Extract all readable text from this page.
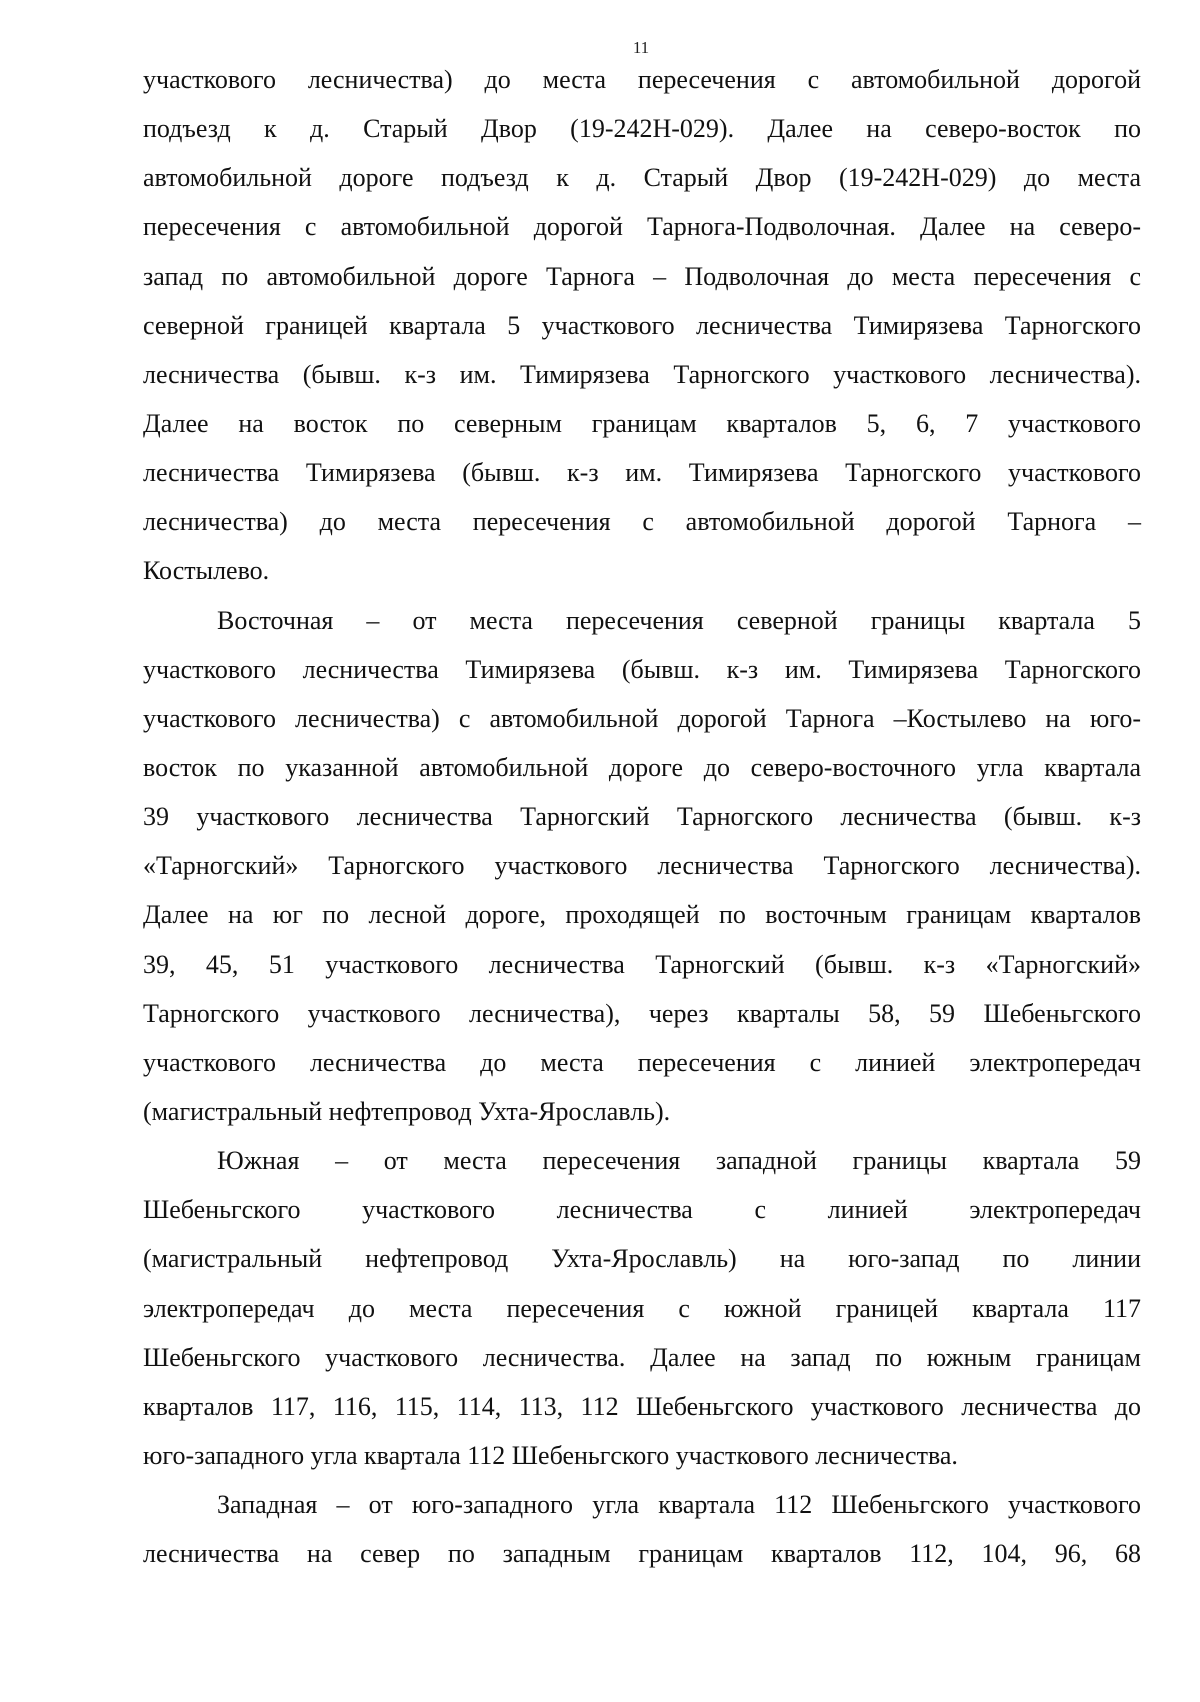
11
участкового лесничества) до места пересечения с автомобильной дорогой
подъезд к д. Старый Двор (19-242Н-029). Далее на северо-восток по
автомобильной дороге подъезд к д. Старый Двор (19-242Н-029) до места
пересечения с автомобильной дорогой Тарнога-Подволочная. Далее на северо-
запад по автомобильной дороге Тарнога – Подволочная до места пересечения с
северной границей квартала 5 участкового лесничества Тимирязева Тарногского
лесничества (бывш. к-з им. Тимирязева Тарногского участкового лесничества).
Далее на восток по северным границам кварталов 5, 6, 7 участкового
лесничества Тимирязева (бывш. к-з им. Тимирязева Тарногского участкового
лесничества) до места пересечения с автомобильной дорогой Тарнога –
Костылево.
Восточная – от места пересечения северной границы квартала 5
участкового лесничества Тимирязева (бывш. к-з им. Тимирязева Тарногского
участкового лесничества) с автомобильной дорогой Тарнога –Костылево на юго-
восток по указанной автомобильной дороге до северо-восточного угла квартала
39 участкового лесничества Тарногский Тарногского лесничества (бывш. к-з
«Тарногский» Тарногского участкового лесничества Тарногского лесничества).
Далее на юг по лесной дороге, проходящей по восточным границам кварталов
39, 45, 51 участкового лесничества Тарногский (бывш. к-з «Тарногский»
Тарногского участкового лесничества), через кварталы 58, 59 Шебеньгского
участкового лесничества до места пересечения с линией электропередач
(магистральный нефтепровод Ухта-Ярославль).
Южная – от места пересечения западной границы квартала 59
Шебеньгского участкового лесничества с линией электропередач
(магистральный нефтепровод Ухта-Ярославль) на юго-запад по линии
электропередач до места пересечения с южной границей квартала 117
Шебеньгского участкового лесничества. Далее на запад по южным границам
кварталов 117, 116, 115, 114, 113, 112 Шебеньгского участкового лесничества до
юго-западного угла квартала 112 Шебеньгского участкового лесничества.
Западная – от юго-западного угла квартала 112 Шебеньгского участкового
лесничества на север по западным границам кварталов 112, 104, 96, 68
